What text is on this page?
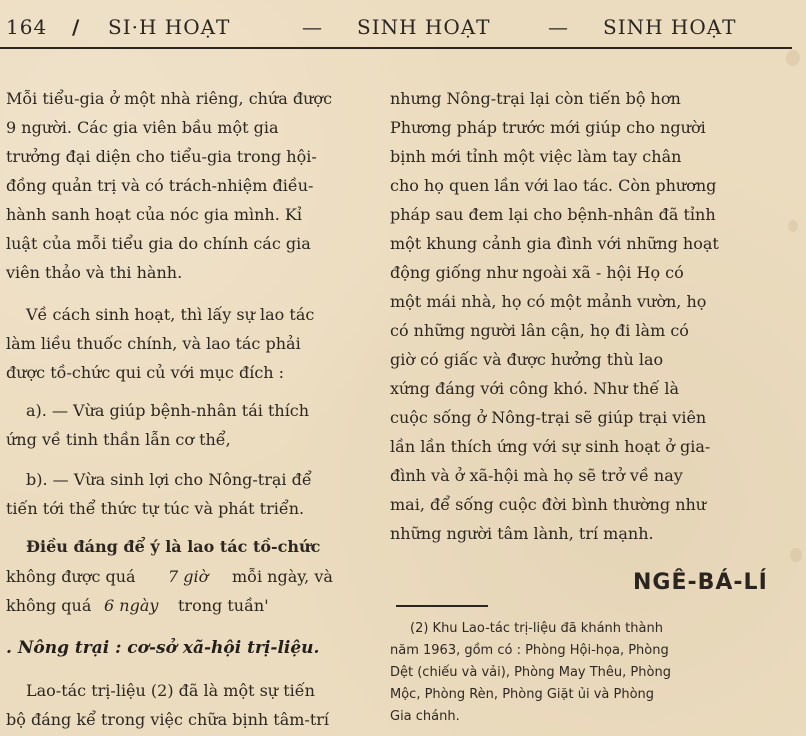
164 / SI·H HOẠT	— SINH HOẠT	— SINH HOẠT
Mỗi tiểu-gia ở một nhà riêng, chứa được
9 người. Các gia viên bầu một gia
trưởng đại diện cho tiểu-gia trong hội-
đồng quản trị và có trách-nhiệm điều-
hành sanh hoạt của nóc gia mình. Kỉ
luật của mỗi tiểu gia do chính các gia
viên thảo và thi hành.
Về cách sinh hoạt, thì lấy sự lao tác
làm liều thuốc chính, và lao tác phải
được tồ-chức qui củ với mục đích :
a). — Vừa giúp bệnh-nhân tái thích
ứng về tinh thần lẫn cơ thể,
b). — Vừa sinh lợi cho Nông-trại để
tiến tới thể thức tự túc và phát triển.
Điều đáng để ý là lao tác tồ-chức
không được quá 7 giờ mỗi ngày, và
không quá 6 ngày trong tuần'
. Nông trại : cơ-sở xã-hội trị-liệu.
Lao-tác trị-liệu (2) đã là một sự tiến
bộ đáng kể trong việc chữa bịnh tâm-trí
nhưng Nông-trại lại còn tiến bộ hơn
Phương pháp trước mới giúp cho người
bịnh mới tỉnh một việc làm tay chân
cho họ quen lần với lao tác. Còn phương
pháp sau đem lại cho bệnh-nhân đã tỉnh
một khung cảnh gia đình với những hoạt
động giống như ngoài xã - hội Họ có
một mái nhà, họ có một mảnh vườn, họ
có những người lân cận, họ đi làm có
giờ có giấc và được hưởng thù lao
xứng đáng với công khó. Như thế là
cuộc sống ở Nông-trại sẽ giúp trại viên
lần lần thích ứng với sự sinh hoạt ở gia-
đình và ở xã-hội mà họ sẽ trở về nay
mai, để sống cuộc đời bình thường như
những người tâm lành, trí mạnh.
NGÊ-BÁ-LÍ
(2) Khu Lao-tác trị-liệu đã khánh thành
năm 1963, gồm có : Phòng Hội-họa, Phòng
Dệt (chiếu và vải), Phòng May Thêu, Phòng
Mộc, Phòng Rèn, Phòng Giặt ủi và Phòng
Gia chánh.
